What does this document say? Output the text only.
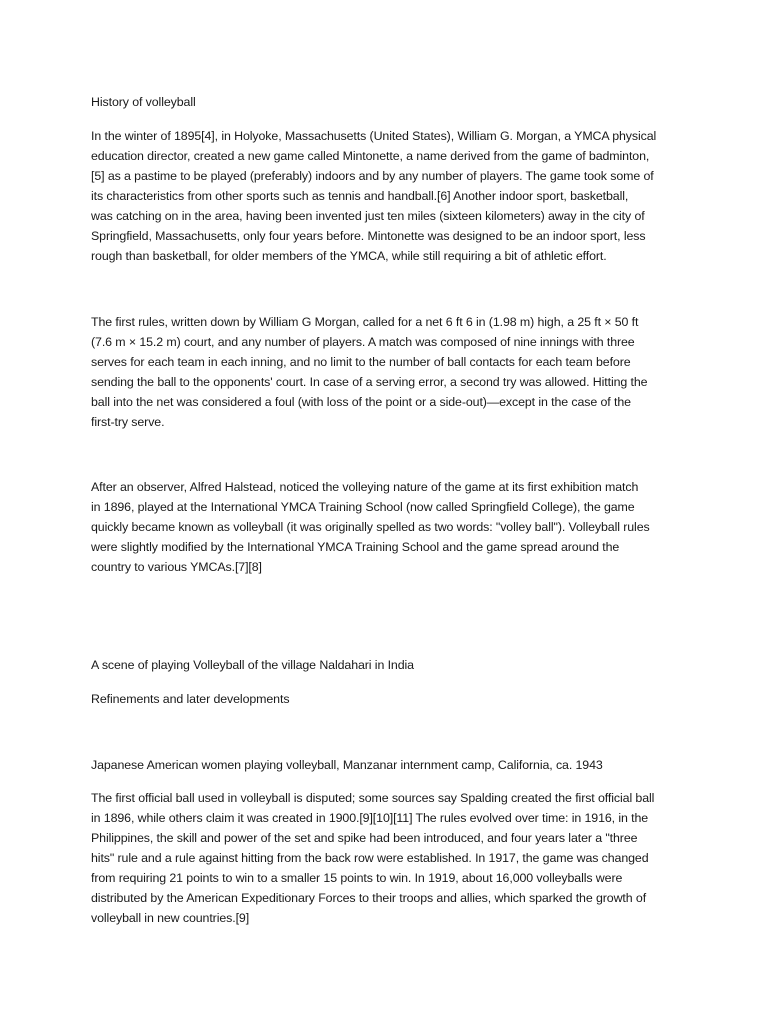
History of volleyball
In the winter of 1895[4], in Holyoke, Massachusetts (United States), William G. Morgan, a YMCA physical
education director, created a new game called Mintonette, a name derived from the game of badminton,
[5] as a pastime to be played (preferably) indoors and by any number of players. The game took some of
its characteristics from other sports such as tennis and handball.[6] Another indoor sport, basketball,
was catching on in the area, having been invented just ten miles (sixteen kilometers) away in the city of
Springfield, Massachusetts, only four years before. Mintonette was designed to be an indoor sport, less
rough than basketball, for older members of the YMCA, while still requiring a bit of athletic effort.
The first rules, written down by William G Morgan, called for a net 6 ft 6 in (1.98 m) high, a 25 ft × 50 ft
(7.6 m × 15.2 m) court, and any number of players. A match was composed of nine innings with three
serves for each team in each inning, and no limit to the number of ball contacts for each team before
sending the ball to the opponents' court. In case of a serving error, a second try was allowed. Hitting the
ball into the net was considered a foul (with loss of the point or a side-out)—except in the case of the
first-try serve.
After an observer, Alfred Halstead, noticed the volleying nature of the game at its first exhibition match
in 1896, played at the International YMCA Training School (now called Springfield College), the game
quickly became known as volleyball (it was originally spelled as two words: "volley ball"). Volleyball rules
were slightly modified by the International YMCA Training School and the game spread around the
country to various YMCAs.[7][8]
A scene of playing Volleyball of the village Naldahari in India
Refinements and later developments
Japanese American women playing volleyball, Manzanar internment camp, California, ca. 1943
The first official ball used in volleyball is disputed; some sources say Spalding created the first official ball
in 1896, while others claim it was created in 1900.[9][10][11] The rules evolved over time: in 1916, in the
Philippines, the skill and power of the set and spike had been introduced, and four years later a "three
hits" rule and a rule against hitting from the back row were established. In 1917, the game was changed
from requiring 21 points to win to a smaller 15 points to win. In 1919, about 16,000 volleyballs were
distributed by the American Expeditionary Forces to their troops and allies, which sparked the growth of
volleyball in new countries.[9]
